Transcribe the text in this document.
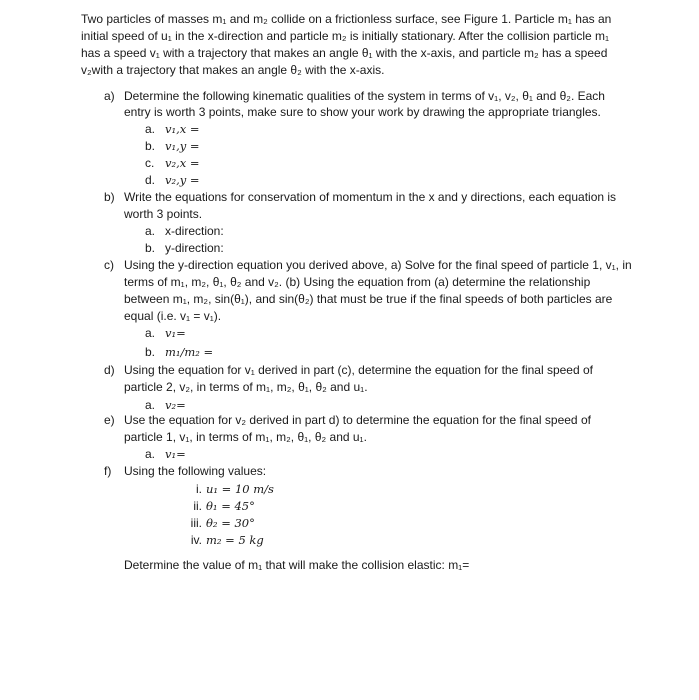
Two particles of masses m₁ and m₂ collide on a frictionless surface, see Figure 1. Particle m₁ has an
initial speed of u₁ in the x-direction and particle m₂ is initially stationary. After the collision particle m₁
has a speed v₁ with a trajectory that makes an angle θ₁ with the x-axis, and particle m₂ has a speed
v₂with a trajectory that makes an angle θ₂ with the x-axis.
a) Determine the following kinematic qualities of the system in terms of v₁, v₂, θ₁ and θ₂. Each
entry is worth 3 points, make sure to show your work by drawing the appropriate triangles.
a. v₁,x =
b. v₁,y =
c. v₂,x =
d. v₂,y =
b) Write the equations for conservation of momentum in the x and y directions, each equation is
worth 3 points.
a. x-direction:
b. y-direction:
c) Using the y-direction equation you derived above, a) Solve for the final speed of particle 1, v₁, in
terms of m₁, m₂, θ₁, θ₂ and v₂. (b) Using the equation from (a) determine the relationship
between m₁, m₂, sin(θ₁), and sin(θ₂) that must be true if the final speeds of both particles are
equal (i.e. v₁ = v₁).
a. v₁=
b. m₁/m₂ =
d) Using the equation for v₁ derived in part (c), determine the equation for the final speed of
particle 2, v₂, in terms of m₁, m₂, θ₁, θ₂ and u₁.
a. v₂=
e) Use the equation for v₂ derived in part d) to determine the equation for the final speed of
particle 1, v₁, in terms of m₁, m₂, θ₁, θ₂ and u₁.
a. v₁=
f) Using the following values:
i. u₁ = 10 m/s
ii. θ₁ = 45°
iii. θ₂ = 30°
iv. m₂ = 5 kg
Determine the value of m₁ that will make the collision elastic: m₁=
